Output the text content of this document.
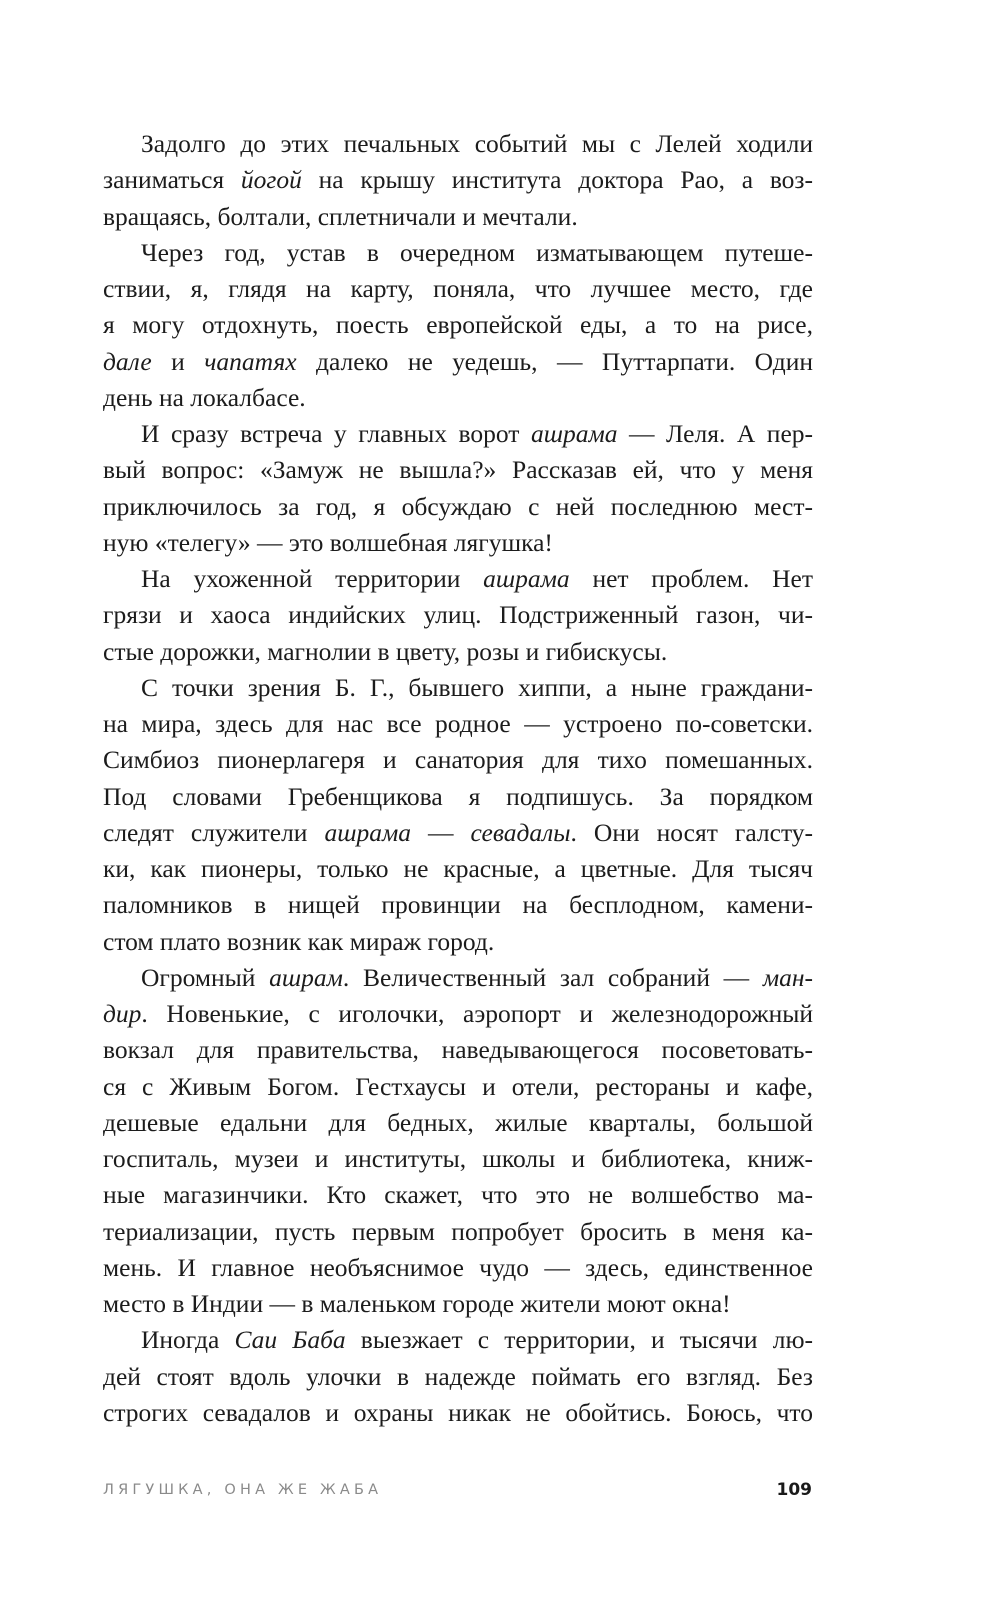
Задолго до этих печальных событий мы с Лелей ходили
заниматься йогой на крышу института доктора Рао, а воз-
вращаясь, болтали, сплетничали и мечтали.
Через год, устав в очередном изматывающем путеше-
ствии, я, глядя на карту, поняла, что лучшее место, где
я могу отдохнуть, поесть европейской еды, а то на рисе,
дале и чапатях далеко не уедешь, — Путтарпати. Один
день на локалбасе.
И сразу встреча у главных ворот ашрама — Леля. А пер-
вый вопрос: «Замуж не вышла?» Рассказав ей, что у меня
приключилось за год, я обсуждаю с ней последнюю мест-
ную «телегу» — это волшебная лягушка!
На ухоженной территории ашрама нет проблем. Нет
грязи и хаоса индийских улиц. Подстриженный газон, чи-
стые дорожки, магнолии в цвету, розы и гибискусы.
С точки зрения Б. Г., бывшего хиппи, а ныне граждани-
на мира, здесь для нас все родное — устроено по-советски.
Симбиоз пионерлагеря и санатория для тихо помешанных.
Под словами Гребенщикова я подпишусь. За порядком
следят служители ашрама — севадалы. Они носят галсту-
ки, как пионеры, только не красные, а цветные. Для тысяч
паломников в нищей провинции на бесплодном, камени-
стом плато возник как мираж город.
Огромный ашрам. Величественный зал собраний — ман-
дир. Новенькие, с иголочки, аэропорт и железнодорожный
вокзал для правительства, наведывающегося посоветовать-
ся с Живым Богом. Гестхаусы и отели, рестораны и кафе,
дешевые едальни для бедных, жилые кварталы, большой
госпиталь, музеи и институты, школы и библиотека, книж-
ные магазинчики. Кто скажет, что это не волшебство ма-
териализации, пусть первым попробует бросить в меня ка-
мень. И главное необъяснимое чудо — здесь, единственное
место в Индии — в маленьком городе жители моют окна!
Иногда Саи Баба выезжает с территории, и тысячи лю-
дей стоят вдоль улочки в надежде поймать его взгляд. Без
строгих севадалов и охраны никак не обойтись. Боюсь, что
ЛЯГУШКА, ОНА ЖЕ ЖАБА	109
